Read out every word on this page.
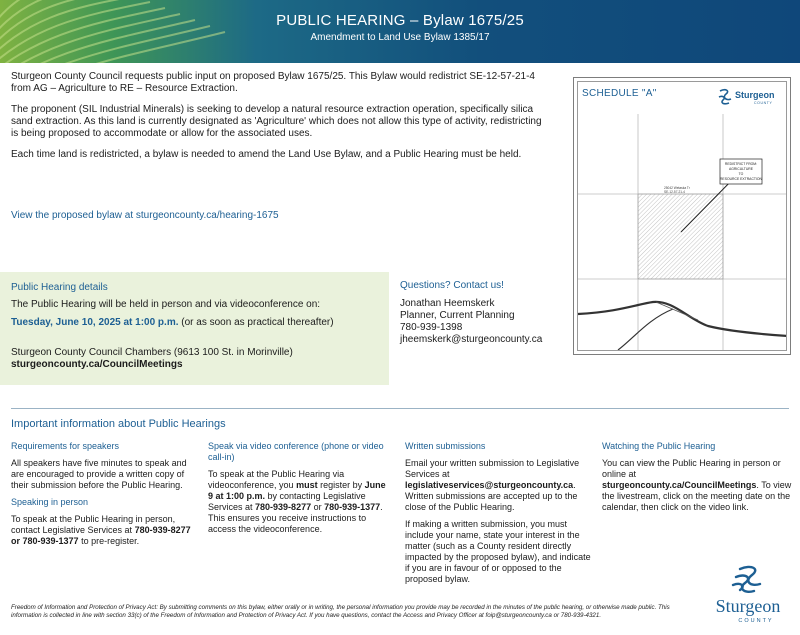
PUBLIC HEARING – Bylaw 1675/25
Amendment to Land Use Bylaw 1385/17

Sturgeon County Council requests public input on proposed Bylaw 1675/25. This Bylaw would redistrict SE-12-57-21-4 from AG – Agriculture to RE – Resource Extraction.

The proponent (SIL Industrial Minerals) is seeking to develop a natural resource extraction operation, specifically silica sand extraction. As this land is currently designated as 'Agriculture' which does not allow this type of activity, redistricting is being proposed to accommodate or allow for the associated uses.

Each time land is redistricted, a bylaw is needed to amend the Land Use Bylaw, and a Public Hearing must be held.

View the proposed bylaw at sturgeoncounty.ca/hearing-1675
SCHEDULE "A"	Sturgeon
COUNTY
REDISTRICT FROM:
AGRICULTURE
TO
RESOURCE EXTRACTION
25042 Wetaska Tr
SE-12-57-21-4
Public Hearing details
The Public Hearing will be held in person and via videoconference on:
Tuesday, June 10, 2025 at 1:00 p.m. (or as soon as practical thereafter)
Sturgeon County Council Chambers (9613 100 St. in Morinville)
sturgeoncounty.ca/CouncilMeetings
Questions? Contact us!
Jonathan Heemskerk
Planner, Current Planning
780-939-1398
jheemskerk@sturgeoncounty.ca
Important information about Public Hearings
Requirements for speakers

All speakers have five minutes to speak and are encouraged to provide a written copy of their submission before the Public Hearing.

Speaking in person

To speak at the Public Hearing in person, contact Legislative Services at 780-939-8277 or 780-939-1377 to pre-register.

Speak via video conference (phone or video call-in)

To speak at the Public Hearing via videoconference, you must register by June 9 at 1:00 p.m. by contacting Legislative Services at 780-939-8277 or 780-939-1377. This ensures you receive instructions to access the videoconference.

Written submissions

Email your written submission to Legislative Services at legislativeservices@sturgeoncounty.ca. Written submissions are accepted up to the close of the Public Hearing.

If making a written submission, you must include your name, state your interest in the matter (such as a County resident directly impacted by the proposed bylaw), and indicate if you are in favour of or opposed to the proposed bylaw.

Watching the Public Hearing

You can view the Public Hearing in person or online at sturgeoncounty.ca/CouncilMeetings. To view the livestream, click on the meeting date on the calendar, then click on the video link.

Freedom of Information and Protection of Privacy Act: By submitting comments on this bylaw, either orally or in writing, the personal information you provide may be recorded in the minutes of the public hearing, or otherwise made public. This information is collected in line with section 33(c) of the Freedom of Information and Protection of Privacy Act. If you have questions, contact the Access and Privacy Officer at foip@sturgeoncounty.ca or 780-939-4321.	Sturgeon
COUNTY
